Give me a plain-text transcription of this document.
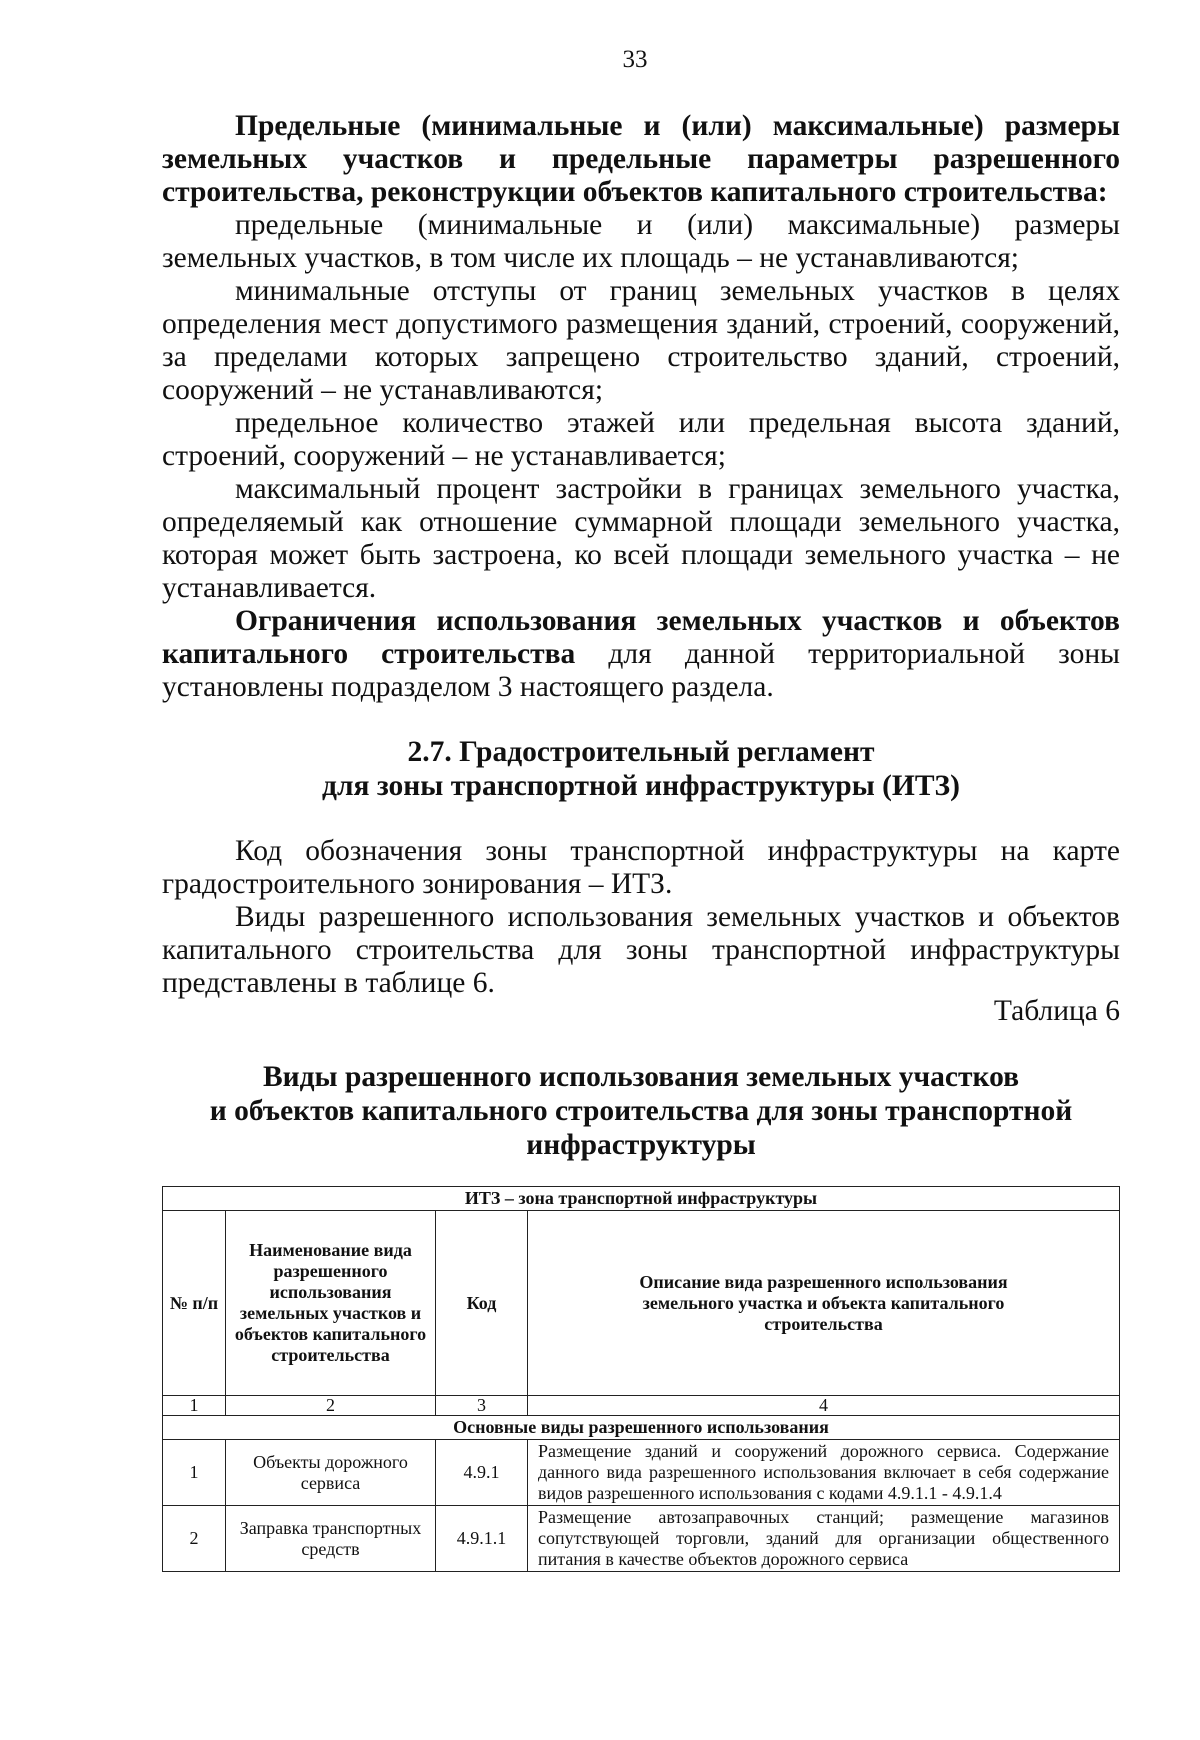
33

Предельные (минимальные и (или) максимальные) размеры земельных участков и предельные параметры разрешенного строительства, реконструкции объектов капитального строительства:

предельные (минимальные и (или) максимальные) размеры земельных участков, в том числе их площадь – не устанавливаются;

минимальные отступы от границ земельных участков в целях определения мест допустимого размещения зданий, строений, сооружений, за пределами которых запрещено строительство зданий, строений, сооружений – не устанавливаются;

предельное количество этажей или предельная высота зданий, строений, сооружений – не устанавливается;

максимальный процент застройки в границах земельного участка, определяемый как отношение суммарной площади земельного участка, которая может быть застроена, ко всей площади земельного участка – не устанавливается.

Ограничения использования земельных участков и объектов капитального строительства для данной территориальной зоны установлены подразделом 3 настоящего раздела.

2.7. Градостроительный регламент
для зоны транспортной инфраструктуры (ИТЗ)

Код обозначения зоны транспортной инфраструктуры на карте градостроительного зонирования – ИТЗ.

Виды разрешенного использования земельных участков и объектов капитального строительства для зоны транспортной инфраструктуры представлены в таблице 6.

Таблица 6
Виды разрешенного использования земельных участков
и объектов капитального строительства для зоны транспортной
инфраструктуры
ИТЗ – зона транспортной инфраструктуры			
№ п/п	Наименование вида разрешенного использования земельных участков и объектов капитального строительства	Код	Описание вида разрешенного использования земельного участка и объекта капитального строительства
1	2	3	4
Основные виды разрешенного использования			
1	Объекты дорожного сервиса	4.9.1	Размещение зданий и сооружений дорожного сервиса. Содержание данного вида разрешенного использования включает в себя содержание видов разрешенного использования с кодами 4.9.1.1 - 4.9.1.4
2	Заправка транспортных средств	4.9.1.1	Размещение автозаправочных станций; размещение магазинов сопутствующей торговли, зданий для организации общественного питания в качестве объектов дорожного сервиса
